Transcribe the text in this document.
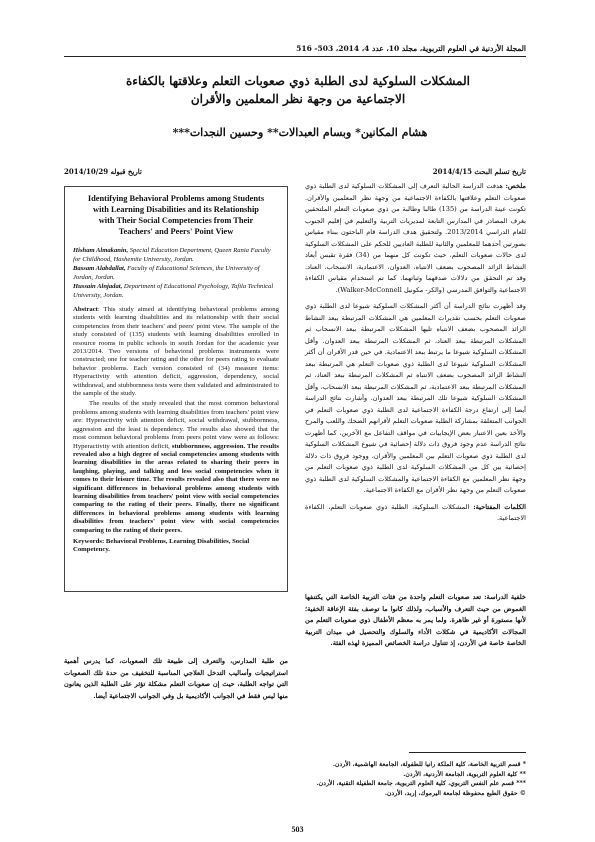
المجلة الأردنية في العلوم التربوية، مجلد 10، عدد 4، 2014، 503- 516
المشكلات السلوكية لدى الطلبة ذوي صعوبات التعلم وعلاقتها بالكفاءة الاجتماعية من وجهة نظر المعلمين والأقران
هشام المكانين* وبسام العبدالات** وحسين النجدات***
تاريخ تسلم البحث 2014/4/15
تاريخ قبوله 2014/10/29

ملخص: هدفت الدراسة الحالية التعرف إلى المشكلات السلوكية لدى الطلبة ذوي صعوبات التعلم وعلاقتها بالكفاءة الاجتماعية من وجهة نظر المعلمين والأقران. تكونت عينة الدراسة من (135) طالبا وطالبة من ذوي صعوبات التعلم الملتحقين بغرف المصادر في المدارس التابعة لمديريات التربية والتعليم في إقليم الجنوب للعام الدراسي 2013/2014. ولتحقيق هدف الدراسة قام الباحثون ببناء مقياس بصورتين أحدهما للمعلمين والثانية للطلبة العاديين للحكم على المشكلات السلوكية لدى حالات صعوبات التعلم، حيث تكونت كل منهما من (34) فقرة تقيس أبعاد النشاط الزائد المصحوب بضعف الانتباه، العدوان، الاعتمادية، الانسحاب، العناد. وقد تم التحقق من دلالات صدقهما وثباتهما. كما تم استخدام مقياس الكفاءة الاجتماعية والتوافق المدرسي (والكر- مكونيل Walker-McConnell).

وقد أظهرت نتائج الدراسة أن أكثر المشكلات السلوكية شيوعا لدى الطلبة ذوي صعوبات التعلم بحسب تقديرات المعلمين هي المشكلات المرتبطة ببعد النشاط الزائد المصحوب بضعف الانتباه تليها المشكلات المرتبطة ببعد الانسحاب ثم المشكلات المرتبطة ببعد العناد، ثم المشكلات المرتبطة ببعد العدوان. وأقل المشكلات السلوكية شيوعا ما يرتبط ببعد الاعتمادية. في حين قدر الأقران أن أكثر المشكلات السلوكية شيوعا لدى الطلبة ذوي صعوبات التعلم هي المرتبطة ببعد النشاط الزائد المصحوب بضعف الانتباه ثم المشكلات المرتبطة ببعد العناد، ثم المشكلات المرتبطة ببعد الاعتمادية، ثم المشكلات المرتبطة ببعد الانسحاب، وأقل المشكلات السلوكية شيوعا تلك المرتبطة ببعد العدوان. وأشارت نتائج الدراسة أيضا إلى ارتفاع درجة الكفاءة الاجتماعية لدى الطلبة ذوي صعوبات التعلم في الجوانب المتعلقة بمشاركة الطلبة صعوبات التعلم لأقرانهم الضحك واللعب والمرح والأخذ بعين الاعتبار بعض الإيجابيات في مواقف التفاعل مع الآخرين، كما أظهرت نتائج الدراسة عدم وجود فروق ذات دلالة إحصائية في شيوع المشكلات السلوكية لدى الطلبة ذوي صعوبات التعلم بين المعلمين والأقران، ووجود فروق ذات دلالة إحصائية بين كل من المشكلات السلوكية لدى الطلبة ذوي صعوبات التعلم من وجهة نظر المعلمين مع الكفاءة الاجتماعية والمشكلات السلوكية لدى الطلبة ذوي صعوبات التعلم من وجهة نظر الأقران مع الكفاءة الاجتماعية.

الكلمات المفتاحية: المشكلات السلوكية، الطلبة ذوي صعوبات التعلم، الكفاءة الاجتماعية.

Identifying Behavioral Problems among Students with Learning Disabilities and its Relationship with Their Social Competencies from Their Teachers' and Peers' Point View
Hisham Almakanin, Special Education Department, Queen Rania Faculty for Childhood, Hashemite University, Jordan.
Bassam Alabdallat, Faculty of Educational Sciences, the University of Jordan, Jordan.
Hussain Alnjadat, Department of Educational Psychology, Tafila Technical University, Jordan.

Abstract: This study aimed at identifying behavioral problems among students with learning disabilities and its relationship with their social competencies from their teachers' and peers' point view. The sample of the study consisted of (135) students with learning disabilities enrolled in resource rooms in public schools in south Jordan for the academic year 2013/2014. Two versions of behavioral problems instruments were constructed; one for teacher rating and the other for peers rating to evaluate behavior problems. Each version consisted of (34) measure items: Hyperactivity with attention deficit, aggression, dependency, social withdrawal, and stubbornness tests were then validated and administrated to the sample of the study.

The results of the study revealed that the most common behavioral problems among students with learning disabilities from teachers' point view are: Hyperactivity with attention deficit, social withdrawal, stubbornness, aggression and the least is dependency. The results also showed that the most common behavioral problems from peers point view were as follows: Hyperactivity with attention deficit, stubbornness, aggression. The results revealed also a high degree of social competencies among students with learning disabilities in the areas related to sharing their peers in laughing, playing, and talking and less social competencies when it comes to their leisure time. The results revealed also that there were no significant differences in behavioral problems among students with learning disabilities from teachers' point view with social competencies comparing to the rating of their peers. Finally, there no significant differences in behavioral problems among students with learning disabilities from teachers' point view with social competencies comparing to the rating of their peers.

Keywords: Behavioral Problems, Learning Disabilities, Social Competency.
خلفية الدراسة: تعد صعوبات التعلم واحدة من فئات التربية الخاصة التي يكتنفها الغموض من حيث التعرف والأسباب، ولذلك كانوا ما توصف بفئة الإعاقة الخفية؛ لأنها مستورة أو غير ظاهرة. ولما يمر به معظم الأطفال ذوي صعوبات التعلم من المجالات الأكاديمية في شكلات الأداء والسلوك والتحصيل في ميدان التربية الخاصة خاصة في الأردن، إذ تتناول دراسة الخصائص المميزة لهذه الفئة.
من طلبة المدارس، والتعرف إلى طبيعة تلك الصعوبات، كما يدرس أهمية استراتيجيات وأساليب التدخل العلاجي المناسبة للتخفيف من حدة تلك الصعوبات التي تواجه الطلبة، حيث إن صعوبات التعلم مشكلة تؤثر على الطلبة الذين يعانون منها ليس فقط في الجوانب الأكاديمية بل وفي الجوانب الاجتماعية أيضا.
* قسم التربية الخاصة، كلية الملكة رانيا للطفولة، الجامعة الهاشمية، الأردن.
** كلية العلوم التربوية، الجامعة الأردنية، الأردن.
*** قسم علم النفس التربوي، كلية العلوم التربوية، جامعة الطفيلة التقنية، الأردن.
© حقوق الطبع محفوظة لجامعة اليرموك، إربد، الأردن.
503
